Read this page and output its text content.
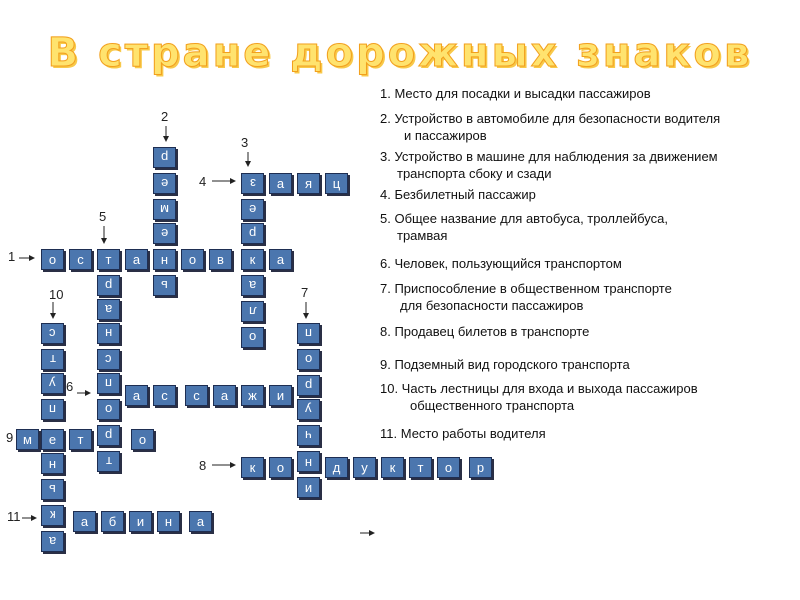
В стране дорожных знаков
о	с	т	а	н	о	в	к	а
р
е
м
е
ь
з
е
р
а
л
о
а	я	ц
р
а
н
с
п
о
р
т
а	с	с	а	ж	и
п
о
р
у
ч
н
и
к	о	д	у	к	т	о	р
м	т	о
с
т
у
п
е
н
ь
к
а
а	б	и	н	а
1
2
3
4
5
6
7
8
9
10
11
1. Место для посадки и высадки пассажиров
2. Устройство в автомобиле для безопасности водителя
и пассажиров
3. Устройство в машине для наблюдения за движением
транспорта сбоку и сзади
4. Безбилетный пассажир
5. Общее название для автобуса, троллейбуса,
трамвая
6. Человек, пользующийся транспортом
7. Приспособление в общественном транспорте
для безопасности пассажиров
8. Продавец билетов в транспорте
9. Подземный вид городского транспорта
10. Часть лестницы для входа и выхода пассажиров
общественного транспорта
11. Место работы водителя
